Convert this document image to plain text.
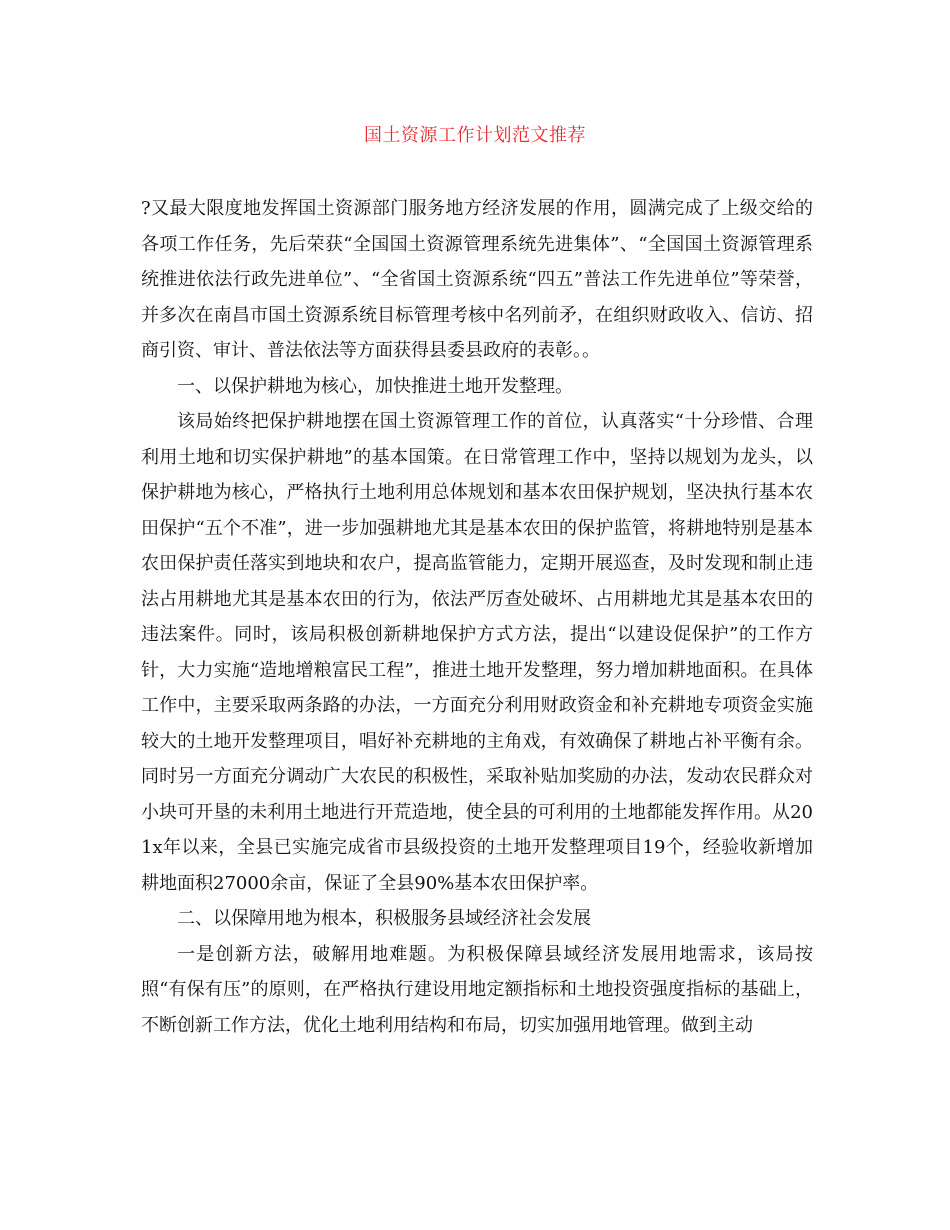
国土资源工作计划范文推荐

?又最大限度地发挥国土资源部门服务地方经济发展的作用，圆满完成了上级交给的各项工作任务，先后荣获“全国国土资源管理系统先进集体”、“全国国土资源管理系统推进依法行政先进单位”、“全省国土资源系统“四五”普法工作先进单位”等荣誉，并多次在南昌市国土资源系统目标管理考核中名列前矛，在组织财政收入、信访、招商引资、审计、普法依法等方面获得县委县政府的表彰。。

一、以保护耕地为核心，加快推进土地开发整理。

该局始终把保护耕地摆在国土资源管理工作的首位，认真落实“十分珍惜、合理利用土地和切实保护耕地”的基本国策。在日常管理工作中，坚持以规划为龙头，以保护耕地为核心，严格执行土地利用总体规划和基本农田保护规划，坚决执行基本农田保护“五个不准”，进一步加强耕地尤其是基本农田的保护监管，将耕地特别是基本农田保护责任落实到地块和农户，提高监管能力，定期开展巡查，及时发现和制止违法占用耕地尤其是基本农田的行为，依法严厉查处破坏、占用耕地尤其是基本农田的违法案件。同时，该局积极创新耕地保护方式方法，提出“以建设促保护”的工作方针，大力实施“造地增粮富民工程”，推进土地开发整理，努力增加耕地面积。在具体工作中，主要采取两条路的办法，一方面充分利用财政资金和补充耕地专项资金实施较大的土地开发整理项目，唱好补充耕地的主角戏，有效确保了耕地占补平衡有余。同时另一方面充分调动广大农民的积极性，采取补贴加奖励的办法，发动农民群众对小块可开垦的未利用土地进行开荒造地，使全县的可利用的土地都能发挥作用。从201x年以来，全县已实施完成省市县级投资的土地开发整理项目19个，经验收新增加耕地面积27000余亩，保证了全县90%基本农田保护率。

二、以保障用地为根本，积极服务县域经济社会发展

一是创新方法，破解用地难题。为积极保障县域经济发展用地需求，该局按照“有保有压”的原则，在严格执行建设用地定额指标和土地投资强度指标的基础上，不断创新工作方法，优化土地利用结构和布局，切实加强用地管理。做到主动
